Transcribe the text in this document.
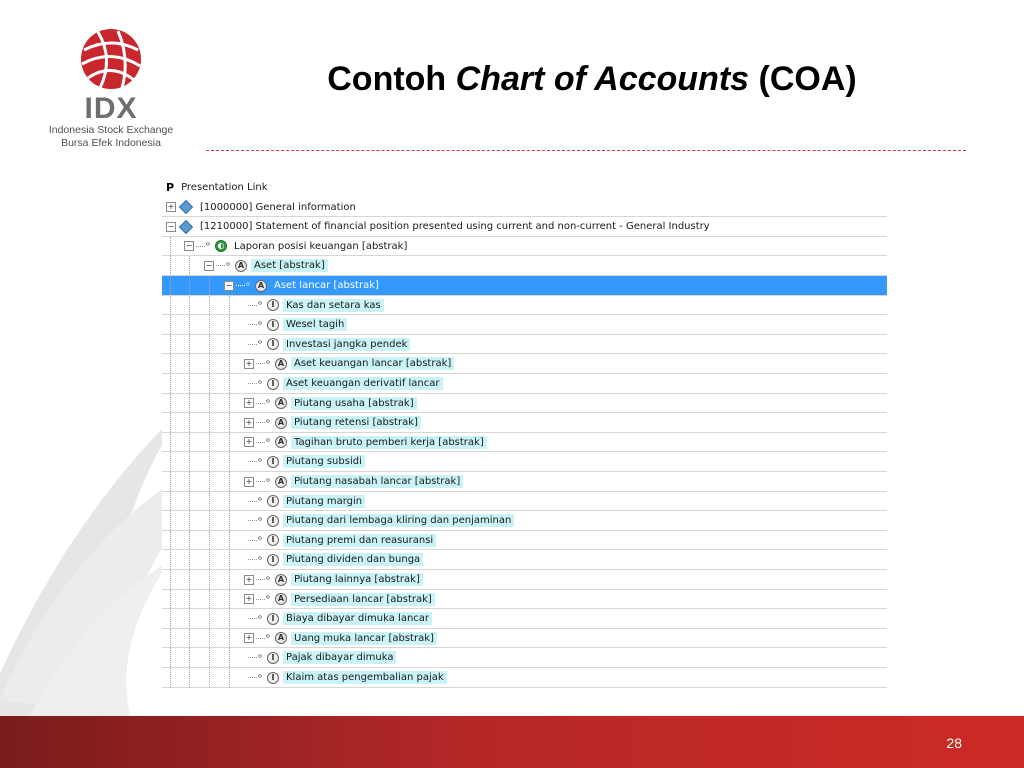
IDX
Indonesia Stock Exchange
Bursa Efek Indonesia
Contoh Chart of Accounts (COA)
P Presentation Link
+	[1000000] General information
−	[1210000] Statement of financial position presented using current and non-current - General Industry
− ᵒ ◐ Laporan posisi keuangan [abstrak]
− ᵒ A Aset [abstrak]
− ᵒ A Aset lancar [abstrak]
ᵒ	I	Kas dan setara kas
ᵒ	I	Wesel tagih
ᵒ	I	Investasi jangka pendek
+ ᵒ A Aset keuangan lancar [abstrak]
ᵒ	I	Aset keuangan derivatif lancar
+ ᵒ A Piutang usaha [abstrak]
+ ᵒ A Piutang retensi [abstrak]
+ ᵒ A Tagihan bruto pemberi kerja [abstrak]
ᵒ	I	Piutang subsidi
+ ᵒ A Piutang nasabah lancar [abstrak]
ᵒ	I	Piutang margin
ᵒ	I	Piutang dari lembaga kliring dan penjaminan
ᵒ	I	Piutang premi dan reasuransi
ᵒ	I	Piutang dividen dan bunga
+ ᵒ A Piutang lainnya [abstrak]
+ ᵒ A Persediaan lancar [abstrak]
ᵒ	I	Biaya dibayar dimuka lancar
+ ᵒ A Uang muka lancar [abstrak]
ᵒ	I	Pajak dibayar dimuka
ᵒ	I	Klaim atas pengembalian pajak
28
